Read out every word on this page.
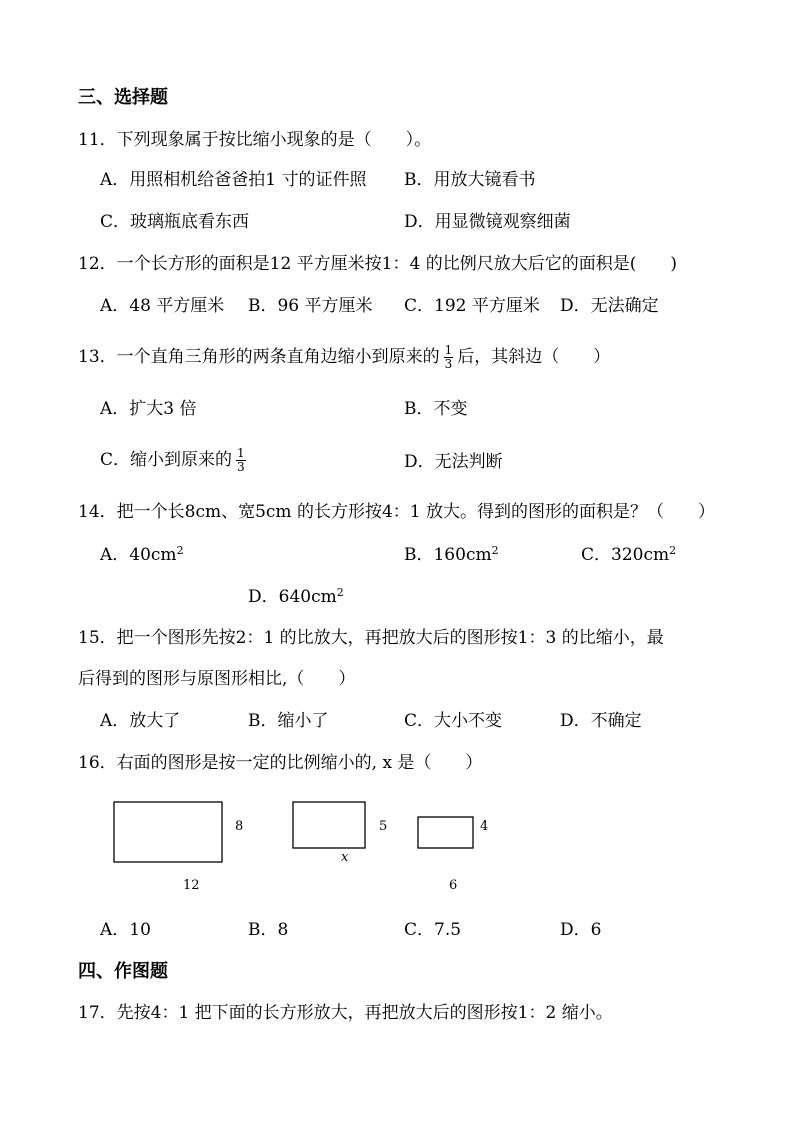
三、选择题
11．下列现象属于按比缩小现象的是（　　）。
A．用照相机给爸爸拍1 寸的证件照 B．用放大镜看书
C．玻璃瓶底看东西	D．用显微镜观察细菌
12．一个长方形的面积是12 平方厘米按1：4 的比例尺放大后它的面积是(　　)
A．48 平方厘米 B．96 平方厘米 C．192 平方厘米 D．无法确定
13．一个直角三角形的两条直角边缩小到原来的 $\frac{1}{3}$ 后，其斜边（　　）
A．扩大3 倍	B．不变
C．缩小到原来的 $\frac{1}{3}$	D．无法判断
14．把一个长8cm、宽5cm 的长方形按4：1 放大。得到的图形的面积是？（　　）
A．$40cm^2$	B．$160cm^2$	C．$320cm^2$
D．$640cm^2$
15．把一个图形先按2：1 的比放大，再把放大后的图形按1：3 的比缩小，最
后得到的图形与原图形相比,（　　）
A．放大了	B．缩小了	C．大小不变	D．不确定
16．右面的图形是按一定的比例缩小的, x 是（　　）
8
12
5
x
4
6
A．10	B．8	C．7.5	D．6
四、作图题
17．先按4：1 把下面的长方形放大，再把放大后的图形按1：2 缩小。
